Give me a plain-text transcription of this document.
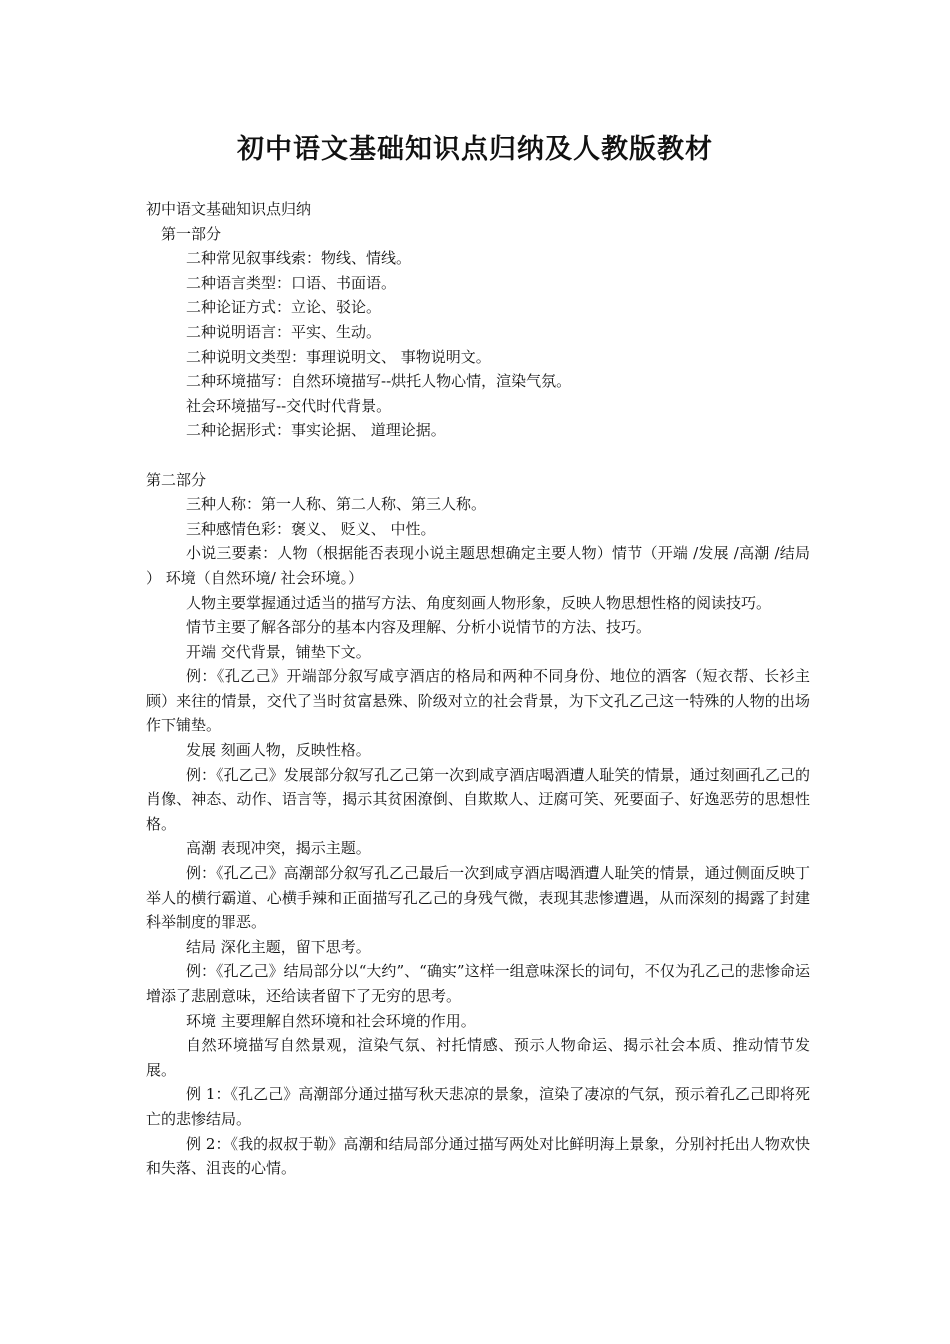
初中语文基础知识点归纳及人教版教材

初中语文基础知识点归纳

第一部分

二种常见叙事线索：物线、情线。

二种语言类型：口语、书面语。

二种论证方式：立论、驳论。

二种说明语言：平实、生动。

二种说明文类型：事理说明文、 事物说明文。

二种环境描写：自然环境描写--烘托人物心情，渲染气氛。

社会环境描写--交代时代背景。

二种论据形式：事实论据、 道理论据。

第二部分

三种人称：第一人称、第二人称、第三人称。

三种感情色彩：褒义、 贬义、 中性。

小说三要素：人物（根据能否表现小说主题思想确定主要人物）情节（开端 /发展 /高潮 /结局 ） 环境（自然环境/ 社会环境。）

人物主要掌握通过适当的描写方法、角度刻画人物形象，反映人物思想性格的阅读技巧。

情节主要了解各部分的基本内容及理解、分析小说情节的方法、技巧。

开端 交代背景，铺垫下文。

例：《孔乙己》开端部分叙写咸亨酒店的格局和两种不同身份、地位的酒客（短衣帮、长衫主顾）来往的情景，交代了当时贫富悬殊、阶级对立的社会背景，为下文孔乙己这一特殊的人物的出场作下铺垫。

发展 刻画人物，反映性格。

例：《孔乙己》发展部分叙写孔乙己第一次到咸亨酒店喝酒遭人耻笑的情景，通过刻画孔乙己的肖像、神态、动作、语言等，揭示其贫困潦倒、自欺欺人、迂腐可笑、死要面子、好逸恶劳的思想性格。

高潮 表现冲突，揭示主题。

例：《孔乙己》高潮部分叙写孔乙己最后一次到咸亨酒店喝酒遭人耻笑的情景，通过侧面反映丁举人的横行霸道、心横手辣和正面描写孔乙己的身残气微，表现其悲惨遭遇，从而深刻的揭露了封建科举制度的罪恶。

结局 深化主题，留下思考。

例：《孔乙己》结局部分以“大约”、“确实”这样一组意味深长的词句，不仅为孔乙己的悲惨命运增添了悲剧意味，还给读者留下了无穷的思考。

环境 主要理解自然环境和社会环境的作用。

自然环境描写自然景观，渲染气氛、衬托情感、预示人物命运、揭示社会本质、推动情节发展。

例 1：《孔乙己》高潮部分通过描写秋天悲凉的景象，渲染了凄凉的气氛，预示着孔乙己即将死亡的悲惨结局。

例 2：《我的叔叔于勒》高潮和结局部分通过描写两处对比鲜明海上景象，分别衬托出人物欢快和失落、沮丧的心情。
